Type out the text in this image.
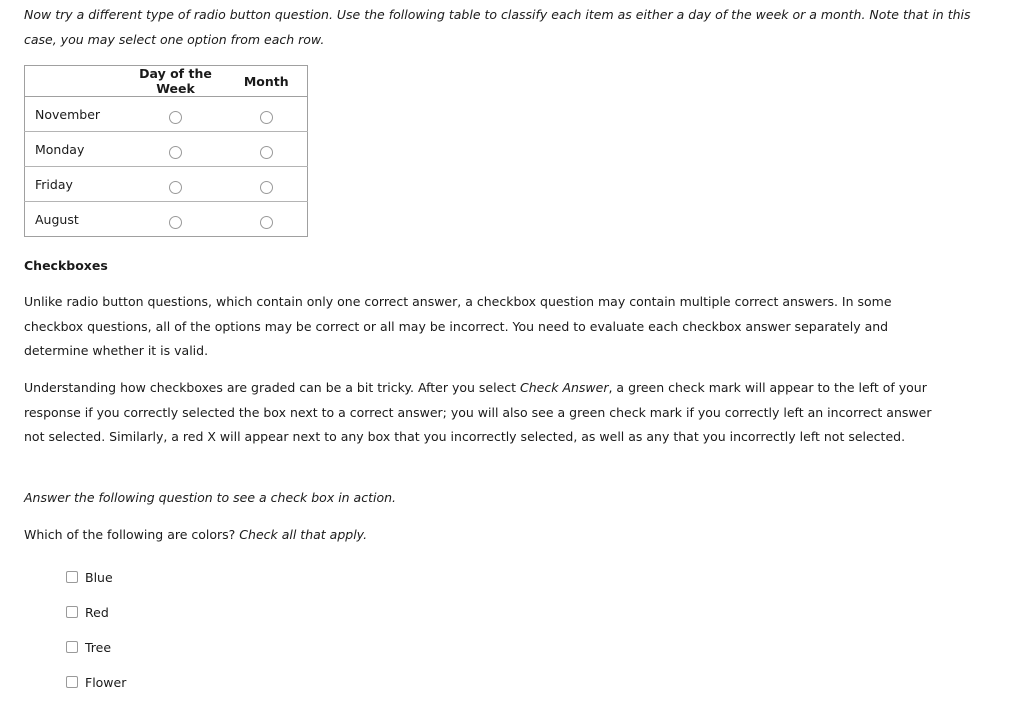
Now try a different type of radio button question. Use the following table to classify each item as either a day of the week or a month. Note that in this case, you may select one option from each row.
	Day of the Week	Month
November		
Monday		
Friday		
August		
Checkboxes
Unlike radio button questions, which contain only one correct answer, a checkbox question may contain multiple correct answers. In some checkbox questions, all of the options may be correct or all may be incorrect. You need to evaluate each checkbox answer separately and determine whether it is valid.
Understanding how checkboxes are graded can be a bit tricky. After you select Check Answer, a green check mark will appear to the left of your response if you correctly selected the box next to a correct answer; you will also see a green check mark if you correctly left an incorrect answer not selected. Similarly, a red X will appear next to any box that you incorrectly selected, as well as any that you incorrectly left not selected.
Answer the following question to see a check box in action.
Which of the following are colors? Check all that apply.
Blue
Red
Tree
Flower
